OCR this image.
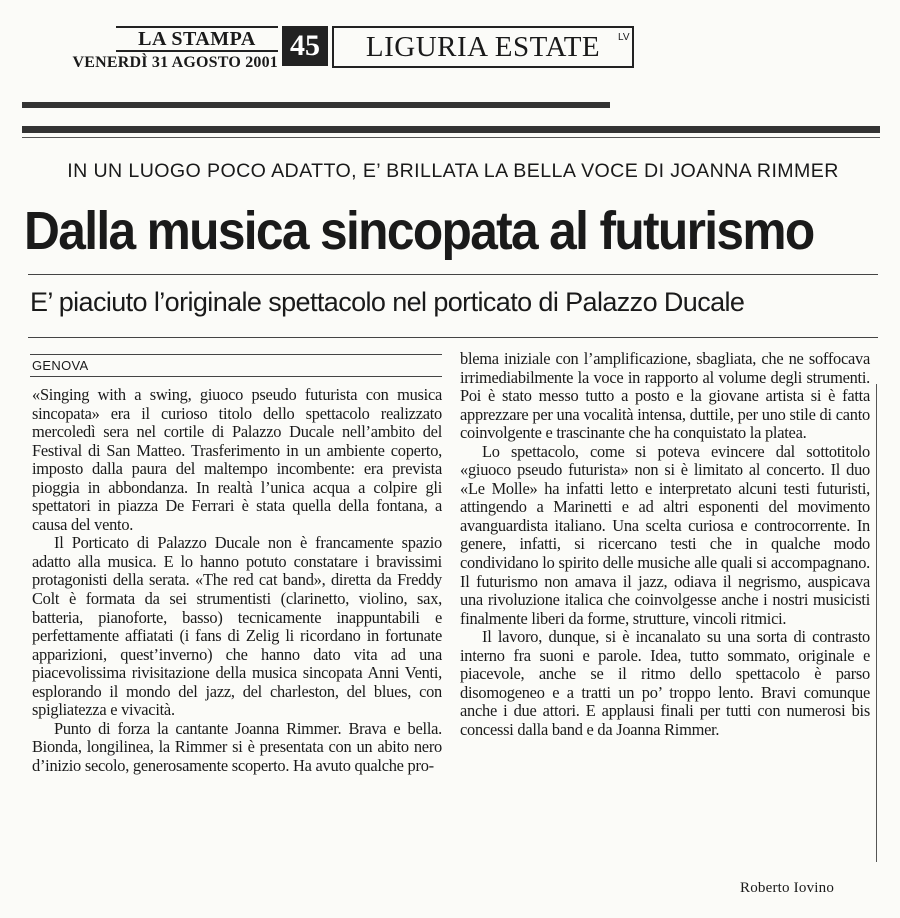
LA STAMPA
VENERDÌ 31 AGOSTO 2001
45	LIGURIA ESTATE	LV
IN UN LUOGO POCO ADATTO, E’ BRILLATA LA BELLA VOCE DI JOANNA RIMMER
Dalla musica sincopata al futurismo
E’ piaciuto l’originale spettacolo nel porticato di Palazzo Ducale
GENOVA

«Singing with a swing, giuoco pseudo futurista con musica sincopata» era il curioso titolo dello spettacolo realizzato mercoledì sera nel cortile di Palazzo Ducale nell’ambito del Festival di San Matteo. Trasferimento in un ambiente coperto, imposto dalla paura del maltempo incombente: era prevista pioggia in abbondanza. In realtà l’unica acqua a colpire gli spettatori in piazza De Ferrari è stata quella della fontana, a causa del vento.

Il Porticato di Palazzo Ducale non è francamente spazio adatto alla musica. E lo hanno potuto constatare i bravissimi protagonisti della serata. «The red cat band», diretta da Freddy Colt è formata da sei strumentisti (clarinetto, violino, sax, batteria, pianoforte, basso) tecnicamente inappuntabili e perfettamente affiatati (i fans di Zelig li ricordano in fortunate apparizioni, quest’inverno) che hanno dato vita ad una piacevolissima rivisitazione della musica sincopata Anni Venti, esplorando il mondo del jazz, del charleston, del blues, con spigliatezza e vivacità.

Punto di forza la cantante Joanna Rimmer. Brava e bella. Bionda, longilinea, la Rimmer si è presentata con un abito nero d’inizio secolo, generosamente scoperto. Ha avuto qualche pro-

blema iniziale con l’amplificazione, sbagliata, che ne soffocava irrimediabilmente la voce in rapporto al volume degli strumenti. Poi è stato messo tutto a posto e la giovane artista si è fatta apprezzare per una vocalità intensa, duttile, per uno stile di canto coinvolgente e trascinante che ha conquistato la platea.

Lo spettacolo, come si poteva evincere dal sottotitolo «giuoco pseudo futurista» non si è limitato al concerto. Il duo «Le Molle» ha infatti letto e interpretato alcuni testi futuristi, attingendo a Marinetti e ad altri esponenti del movimento avanguardista italiano. Una scelta curiosa e controcorrente. In genere, infatti, si ricercano testi che in qualche modo condividano lo spirito delle musiche alle quali si accompagnano. Il futurismo non amava il jazz, odiava il negrismo, auspicava una rivoluzione italica che coinvolgesse anche i nostri musicisti finalmente liberi da forme, strutture, vincoli ritmici.

Il lavoro, dunque, si è incanalato su una sorta di contrasto interno fra suoni e parole. Idea, tutto sommato, originale e piacevole, anche se il ritmo dello spettacolo è parso disomogeneo e a tratti un po’ troppo lento. Bravi comunque anche i due attori. E applausi finali per tutti con numerosi bis concessi dalla band e da Joanna Rimmer.

Roberto Iovino
